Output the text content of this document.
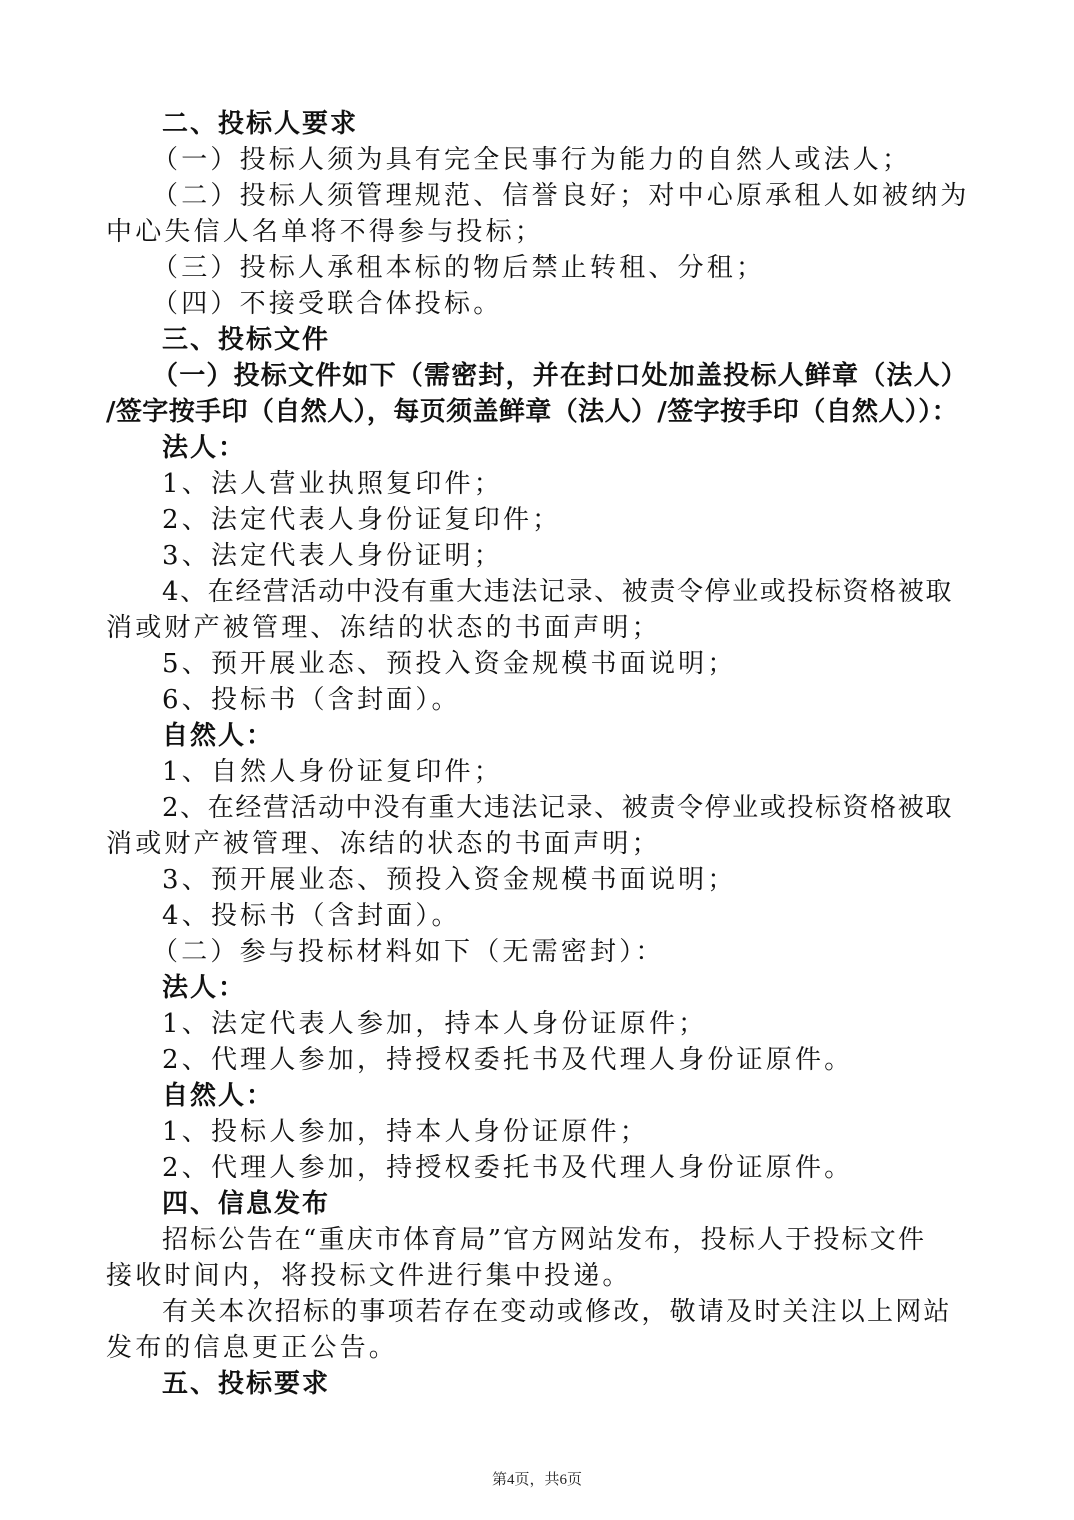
二、投标人要求
（一）投标人须为具有完全民事行为能力的自然人或法人；
（二）投标人须管理规范、信誉良好；对中心原承租人如被纳为
中心失信人名单将不得参与投标；
（三）投标人承租本标的物后禁止转租、分租；
（四）不接受联合体投标。
三、投标文件
（一）投标文件如下（需密封，并在封口处加盖投标人鲜章（法人）
/签字按手印（自然人），每页须盖鲜章（法人）/签字按手印（自然人））：
法人：
1、法人营业执照复印件；
2、法定代表人身份证复印件；
3、法定代表人身份证明；
4、在经营活动中没有重大违法记录、被责令停业或投标资格被取
消或财产被管理、冻结的状态的书面声明；
5、预开展业态、预投入资金规模书面说明；
6、投标书（含封面）。
自然人：
1、自然人身份证复印件；
2、在经营活动中没有重大违法记录、被责令停业或投标资格被取
消或财产被管理、冻结的状态的书面声明；
3、预开展业态、预投入资金规模书面说明；
4、投标书（含封面）。
（二）参与投标材料如下（无需密封）：
法人：
1、法定代表人参加，持本人身份证原件；
2、代理人参加，持授权委托书及代理人身份证原件。
自然人：
1、投标人参加，持本人身份证原件；
2、代理人参加，持授权委托书及代理人身份证原件。
四、信息发布
招标公告在“重庆市体育局”官方网站发布，投标人于投标文件
接收时间内，将投标文件进行集中投递。
有关本次招标的事项若存在变动或修改，敬请及时关注以上网站
发布的信息更正公告。
五、投标要求
第4页，共6页
